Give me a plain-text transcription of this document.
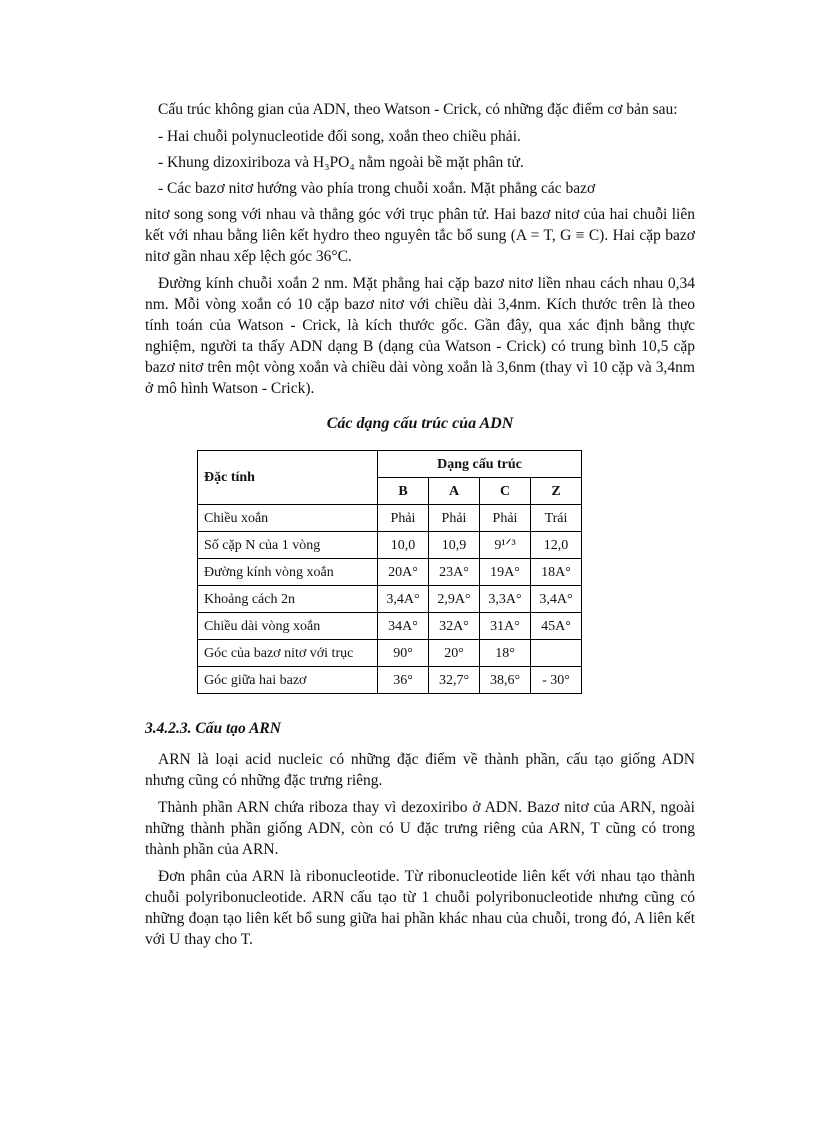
Cấu trúc không gian của ADN, theo Watson - Crick, có những đặc điểm cơ bản sau:

- Hai chuỗi polynucleotide đối song, xoắn theo chiều phải.

- Khung dizoxiriboza và H₃PO₄ nằm ngoài bề mặt phân tử.

- Các bazơ nitơ hướng vào phía trong chuỗi xoắn. Mặt phẳng các bazơ

nitơ song song với nhau và thẳng góc với trục phân tử. Hai bazơ nitơ của hai chuỗi liên kết với nhau bằng liên kết hydro theo nguyên tắc bổ sung (A = T, G ≡ C). Hai cặp bazơ nitơ gần nhau xếp lệch góc 36°C.

Đường kính chuỗi xoắn 2 nm. Mặt phẳng hai cặp bazơ nitơ liền nhau cách nhau 0,34 nm. Mỗi vòng xoắn có 10 cặp bazơ nitơ với chiều dài 3,4nm. Kích thước trên là theo tính toán của Watson - Crick, là kích thước gốc. Gần đây, qua xác định bằng thực nghiệm, người ta thấy ADN dạng B (dạng của Watson - Crick) có trung bình 10,5 cặp bazơ nitơ trên một vòng xoắn và chiều dài vòng xoắn là 3,6nm (thay vì 10 cặp và 3,4nm ở mô hình Watson - Crick).

Các dạng cấu trúc của ADN
Đặc tính	Dạng cấu trúc			
	B	A	C	Z
Chiều xoắn	Phải	Phải	Phải	Trái
Số cặp N của 1 vòng	10,0	10,9	9¹ᐟ³	12,0
Đường kính vòng xoắn	20A°	23A°	19A°	18A°
Khoảng cách 2n	3,4A°	2,9A°	3,3A°	3,4A°
Chiều dài vòng xoắn	34A°	32A°	31A°	45A°
Góc của bazơ nitơ với trục	90°	20°	18°	
Góc giữa hai bazơ	36°	32,7°	38,6°	- 30°
3.4.2.3. Cấu tạo ARN

ARN là loại acid nucleic có những đặc điểm về thành phần, cấu tạo giống ADN nhưng cũng có những đặc trưng riêng.

Thành phần ARN chứa riboza thay vì dezoxiribo ở ADN. Bazơ nitơ của ARN, ngoài những thành phần giống ADN, còn có U đặc trưng riêng của ARN, T cũng có trong thành phần của ARN.

Đơn phân của ARN là ribonucleotide. Từ ribonucleotide liên kết với nhau tạo thành chuỗi polyribonucleotide. ARN cấu tạo từ 1 chuỗi polyribonucleotide nhưng cũng có những đoạn tạo liên kết bổ sung giữa hai phần khác nhau của chuỗi, trong đó, A liên kết với U thay cho T.
